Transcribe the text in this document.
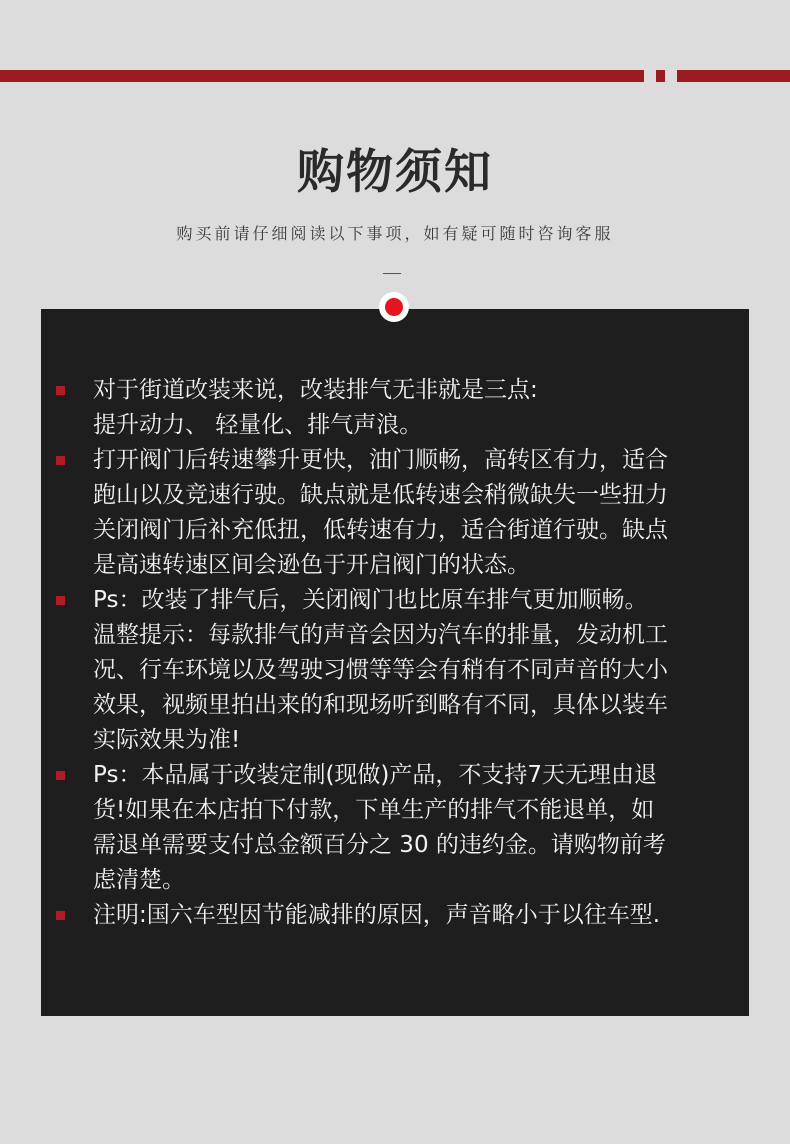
购物须知
购买前请仔细阅读以下事项，如有疑可随时咨询客服
对于街道改装来说，改装排气无非就是三点:
提升动力、 轻量化、排气声浪。
打开阀门后转速攀升更快，油门顺畅，高转区有力，适合
跑山以及竞速行驶。缺点就是低转速会稍微缺失一些扭力
关闭阀门后补充低扭，低转速有力，适合街道行驶。缺点
是高速转速区间会逊色于开启阀门的状态。
Ps：改装了排气后，关闭阀门也比原车排气更加顺畅。
温整提示：每款排气的声音会因为汽车的排量，发动机工
况、行车环境以及驾驶习惯等等会有稍有不同声音的大小
效果，视频里拍出来的和现场听到略有不同，具体以装车
实际效果为准!
Ps：本品属于改装定制(现做)产品，不支持7天无理由退
货!如果在本店拍下付款，下单生产的排气不能退单，如
需退单需要支付总金额百分之 30 的违约金。请购物前考
虑清楚。
注明:国六车型因节能减排的原因，声音略小于以往车型.
